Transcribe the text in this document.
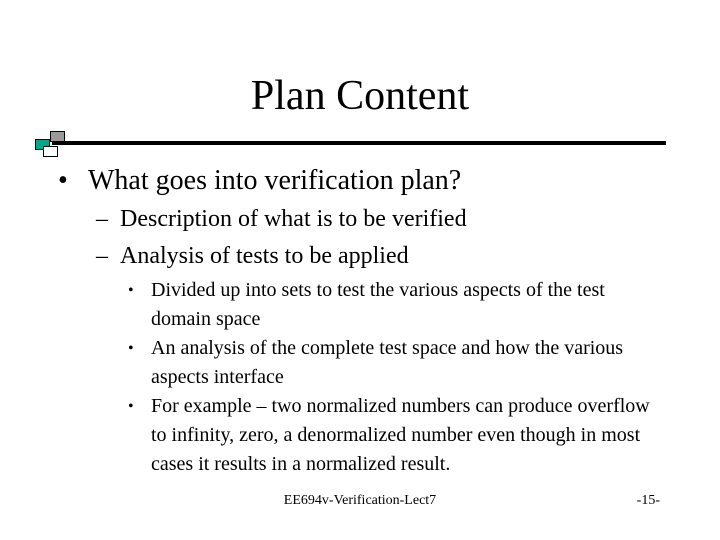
Plan Content
• What goes into verification plan?
– Description of what is to be verified
– Analysis of tests to be applied
• Divided up into sets to test the various aspects of the test domain space
• An analysis of the complete test space and how the various aspects interface
• For example – two normalized numbers can produce overflow to infinity, zero, a denormalized number even though in most cases it results in a normalized result.
EE694v-Verification-Lect7	-15-
